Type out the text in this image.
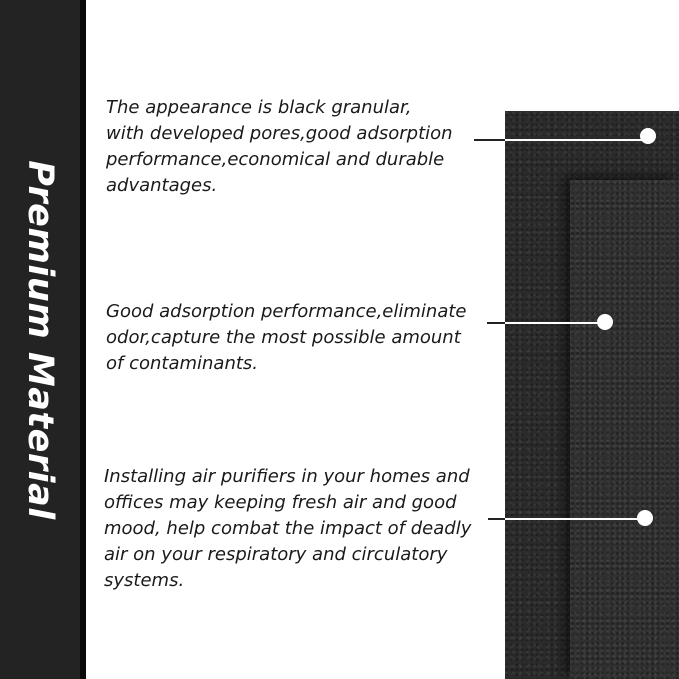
Premium Material
The appearance is black granular,
with developed pores,good adsorption
performance,economical and durable
advantages.
Good adsorption performance,eliminate
odor,capture the most possible amount
of contaminants.
Installing air purifiers in your homes and
offices may keeping fresh air and good
mood, help combat the impact of deadly
air on your respiratory and circulatory
systems.
